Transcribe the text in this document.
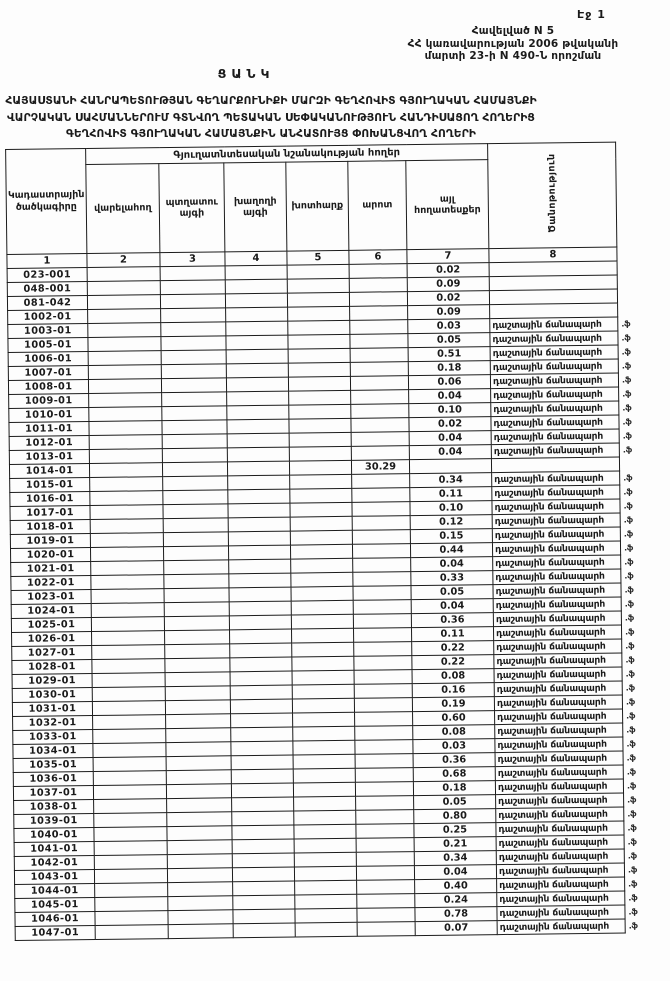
Էջ 1
Հավելված N 5
ՀՀ կառավարության 2006 թվականի
մարտի 23-ի N 490-Ն որոշման
ՑԱՆԿ
ՀԱՅԱՍՏԱՆԻ ՀԱՆՐԱՊԵՏՈՒԹՅԱՆ ԳԵՂԱՐՔՈՒՆԻՔԻ ՄԱՐԶԻ ԳԵՂՀՈՎԻՏ ԳՅՈՒՂԱԿԱՆ ՀԱՄԱՅՆՔԻ
ՎԱՐՉԱԿԱՆ ՍԱՀՄԱՆՆԵՐՈՒՄ ԳՏՆՎՈՂ ՊԵՏԱԿԱՆ ՍԵՓԱԿԱՆՈՒԹՅՈՒՆ ՀԱՆԴԻՍԱՑՈՂ ՀՈՂԵՐԻՑ
ԳԵՂՀՈՎԻՏ ԳՅՈՒՂԱԿԱՆ ՀԱՄԱՅՆՔԻՆ ԱՆՀԱՏՈՒՅՑ ՓՈԽԱՆՑՎՈՂ ՀՈՂԵՐԻ
Կադաստրային ծածկագիրը	Գյուղատնտեսական նշանակության հողեր						Ծանոթություն
	վարելահող	պտղատու այգի	խաղողի այգի	խոտհարք	արոտ	այլ հողատեսքեր	
1	2	3	4	5	6	7	8
023-001						0.02	

048-001						0.09	

081-042						0.02	

1002-01						0.09	

1003-01						0.03	դաշտային ճանապարհ .ֆ

1005-01						0.05	դաշտային ճանապարհ .ֆ

1006-01						0.51	դաշտային ճանապարհ .ֆ

1007-01						0.18	դաշտային ճանապարհ .ֆ

1008-01						0.06	դաշտային ճանապարհ .ֆ

1009-01						0.04	դաշտային ճանապարհ .ֆ

1010-01						0.10	դաշտային ճանապարհ .ֆ

1011-01						0.02	դաշտային ճանապարհ .ֆ

1012-01						0.04	դաշտային ճանապարհ .ֆ

1013-01						0.04	դաշտային ճանապարհ .ֆ

1014-01					30.29		

1015-01						0.34	դաշտային ճանապարհ .ֆ

1016-01						0.11	դաշտային ճանապարհ .ֆ

1017-01						0.10	դաշտային ճանապարհ .ֆ

1018-01						0.12	դաշտային ճանապարհ .ֆ

1019-01						0.15	դաշտային ճանապարհ .ֆ

1020-01						0.44	դաշտային ճանապարհ .ֆ

1021-01						0.04	դաշտային ճանապարհ .ֆ

1022-01						0.33	դաշտային ճանապարհ .ֆ

1023-01						0.05	դաշտային ճանապարհ .ֆ

1024-01						0.04	դաշտային ճանապարհ .ֆ

1025-01						0.36	դաշտային ճանապարհ .ֆ

1026-01						0.11	դաշտային ճանապարհ .ֆ

1027-01						0.22	դաշտային ճանապարհ .ֆ

1028-01						0.22	դաշտային ճանապարհ .ֆ

1029-01						0.08	դաշտային ճանապարհ .ֆ

1030-01						0.16	դաշտային ճանապարհ .ֆ

1031-01						0.19	դաշտային ճանապարհ .ֆ

1032-01						0.60	դաշտային ճանապարհ .ֆ

1033-01						0.08	դաշտային ճանապարհ .ֆ

1034-01						0.03	դաշտային ճանապարհ .ֆ

1035-01						0.36	դաշտային ճանապարհ .ֆ

1036-01						0.68	դաշտային ճանապարհ .ֆ

1037-01						0.18	դաշտային ճանապարհ .ֆ

1038-01						0.05	դաշտային ճանապարհ .ֆ

1039-01						0.80	դաշտային ճանապարհ .ֆ

1040-01						0.25	դաշտային ճանապարհ .ֆ

1041-01						0.21	դաշտային ճանապարհ .ֆ

1042-01						0.34	դաշտային ճանապարհ .ֆ

1043-01						0.04	դաշտային ճանապարհ .ֆ

1044-01						0.40	դաշտային ճանապարհ .ֆ

1045-01						0.24	դաշտային ճանապարհ .ֆ

1046-01						0.78	դաշտային ճանապարհ .ֆ

1047-01						0.07	դաշտային ճանապարհ .ֆ
